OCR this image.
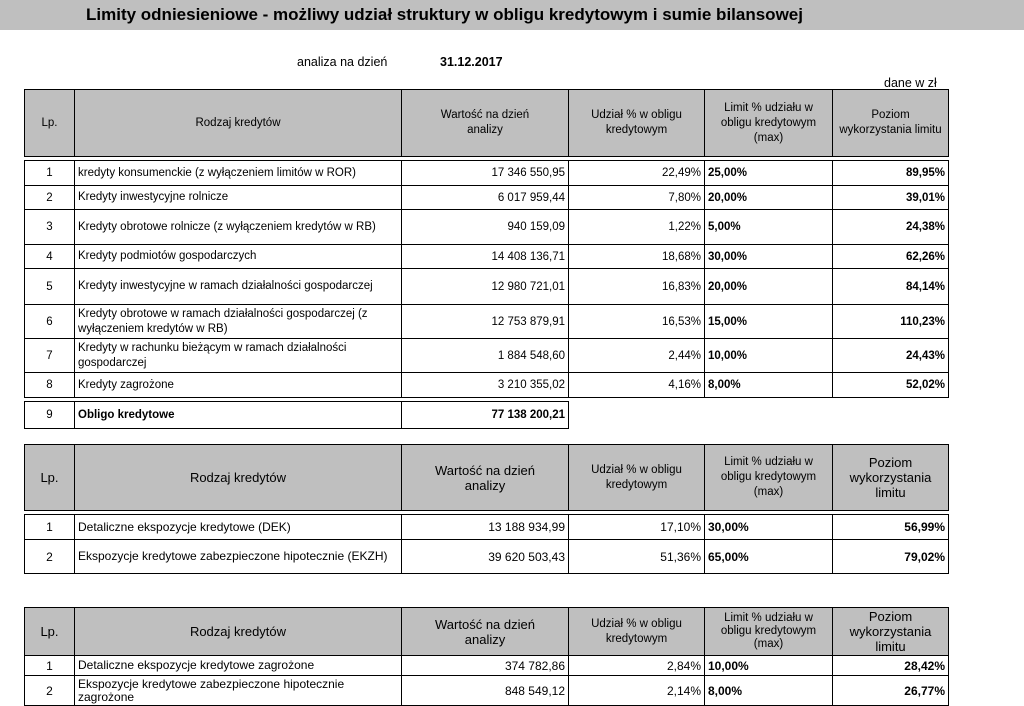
Limity odniesieniowe - możliwy udział struktury w obligu kredytowym i sumie bilansowej
analiza na dzień	31.12.2017
dane w zł
Lp.	Rodzaj kredytów	Wartość na dzień analizy	Udział % w obligu kredytowym	Limit % udziału w obligu kredytowym (max)	Poziom wykorzystania limitu

1	kredyty konsumenckie (z wyłączeniem limitów w ROR)	17 346 550,95	22,49%	25,00%	89,95%
2	Kredyty inwestycyjne rolnicze	6 017 959,44	7,80%	20,00%	39,01%
3	Kredyty obrotowe rolnicze (z wyłączeniem kredytów w RB)	940 159,09	1,22%	5,00%	24,38%
4	Kredyty podmiotów gospodarczych	14 408 136,71	18,68%	30,00%	62,26%
5	Kredyty inwestycyjne w ramach działalności gospodarczej	12 980 721,01	16,83%	20,00%	84,14%
6	Kredyty obrotowe w ramach działalności gospodarczej (z wyłączeniem kredytów w RB)	12 753 879,91	16,53%	15,00%	110,23%
7	Kredyty w rachunku bieżącym w ramach działalności gospodarczej	1 884 548,60	2,44%	10,00%	24,43%
8	Kredyty zagrożone	3 210 355,02	4,16%	8,00%	52,02%

9	Obligo kredytowe	77 138 200,21			
Lp.	Rodzaj kredytów	Wartość na dzień analizy	Udział % w obligu kredytowym	Limit % udziału w obligu kredytowym (max)	Poziom wykorzystania limitu

1	Detaliczne ekspozycje kredytowe (DEK)	13 188 934,99	17,10%	30,00%	56,99%
2	Ekspozycje kredytowe zabezpieczone hipotecznie (EKZH)	39 620 503,43	51,36%	65,00%	79,02%
Lp.	Rodzaj kredytów	Wartość na dzień analizy	Udział % w obligu kredytowym	Limit % udziału w obligu kredytowym (max)	Poziom wykorzystania limitu
1	Detaliczne ekspozycje kredytowe zagrożone	374 782,86	2,84%	10,00%	28,42%
2	Ekspozycje kredytowe zabezpieczone hipotecznie zagrożone	848 549,12	2,14%	8,00%	26,77%
